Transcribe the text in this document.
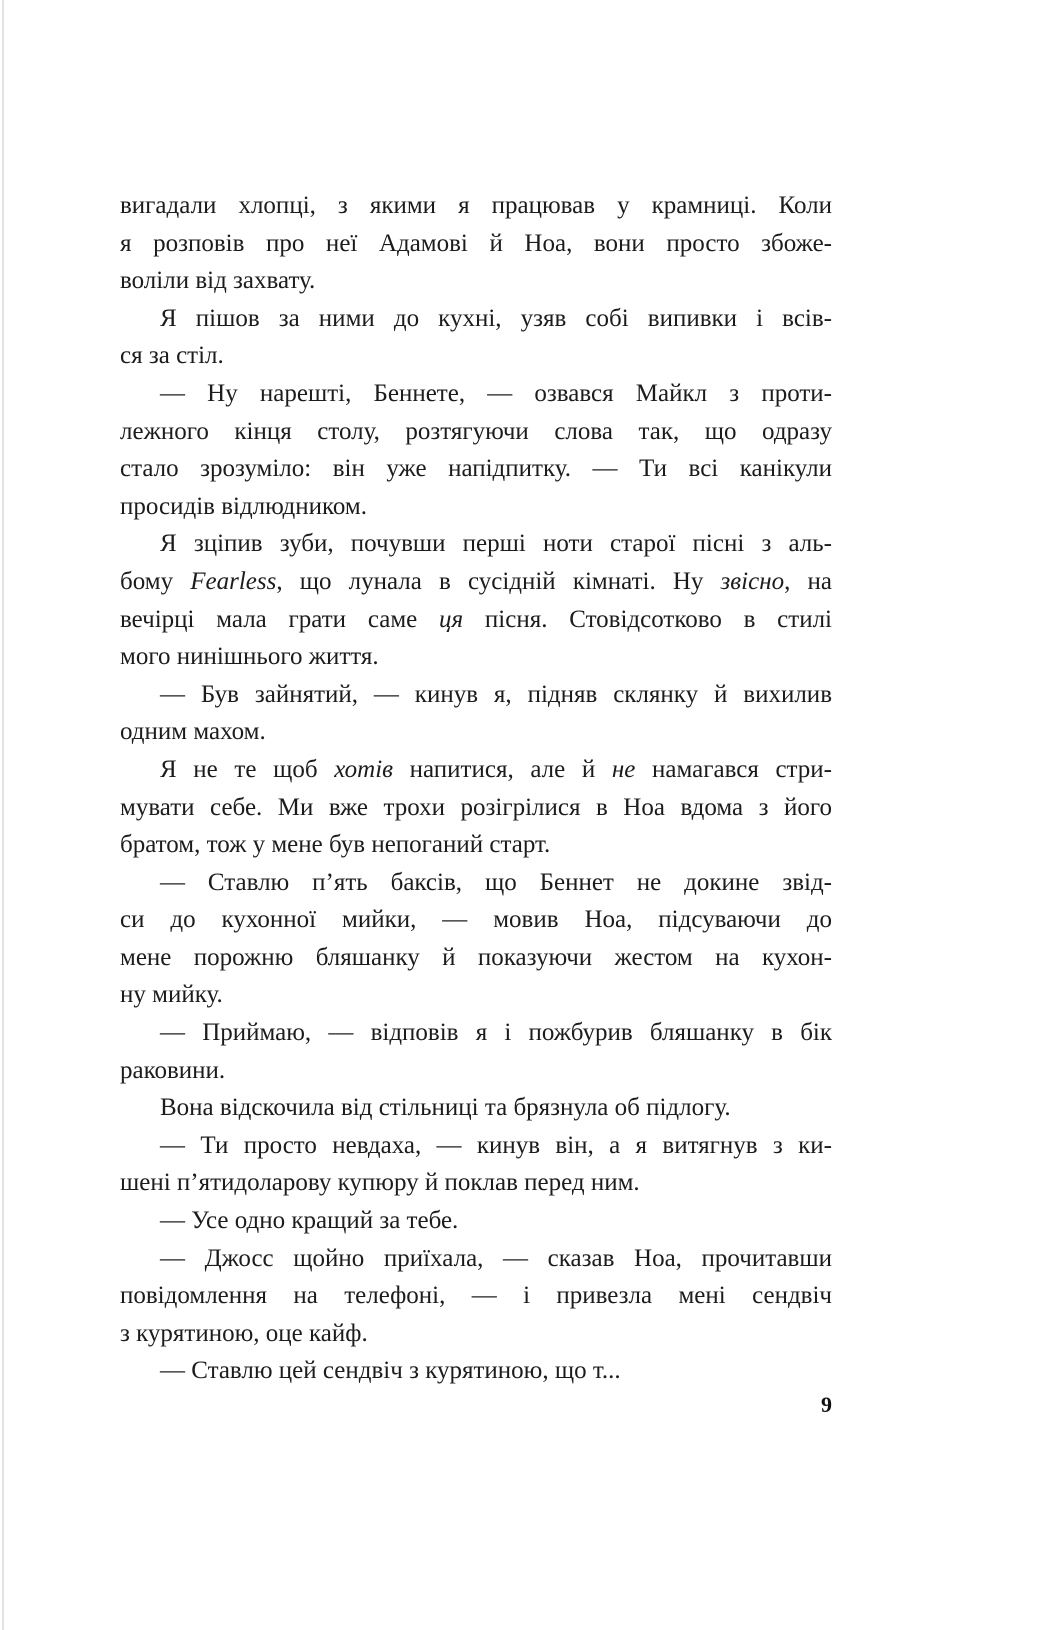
вигадали хлопці, з якими я працював у крамниці. Коли
я розповів про неї Адамові й Ноа, вони просто збоже-
воліли від захвату.
Я пішов за ними до кухні, узяв собі випивки і всів-
ся за стіл.
— Ну нарешті, Беннете, — озвався Майкл з проти-
лежного кінця столу, розтягуючи слова так, що одразу
стало зрозуміло: він уже напідпитку. — Ти всі канікули
просидів відлюдником.
Я зціпив зуби, почувши перші ноти старої пісні з аль-
бому Fearless, що лунала в сусідній кімнаті. Ну звісно, на
вечірці мала грати саме ця пісня. Стовідсотково в стилі
мого нинішнього життя.
— Був зайнятий, — кинув я, підняв склянку й вихилив
одним махом.
Я не те щоб хотів напитися, але й не намагався стри-
мувати себе. Ми вже трохи розігрілися в Ноа вдома з його
братом, тож у мене був непоганий старт.
— Ставлю п’ять баксів, що Беннет не докине звід-
си до кухонної мийки, — мовив Ноа, підсуваючи до
мене порожню бляшанку й показуючи жестом на кухон-
ну мийку.
— Приймаю, — відповів я і пожбурив бляшанку в бік
раковини.
Вона відскочила від стільниці та брязнула об підлогу.
— Ти просто невдаха, — кинув він, а я витягнув з ки-
шені п’ятидоларову купюру й поклав перед ним.
— Усе одно кращий за тебе.
— Джосс щойно приїхала, — сказав Ноа, прочитавши
повідомлення на телефоні, — і привезла мені сендвіч
з курятиною, оце кайф.
— Ставлю цей сендвіч з курятиною, що т...
9
